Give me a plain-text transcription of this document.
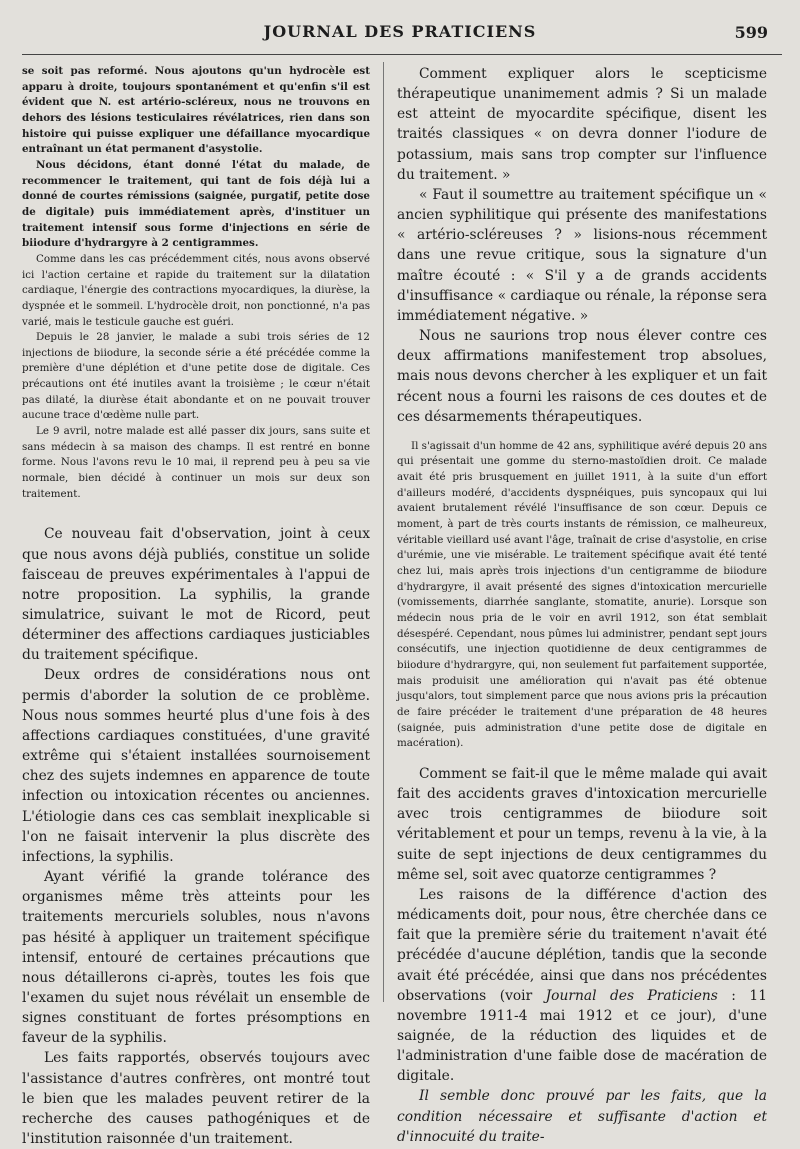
JOURNAL DES PRATICIENS	599

se soit pas reformé. Nous ajoutons qu'un hydrocèle est apparu à droite, toujours spontanément et qu'enfin s'il est évident que N. est artério-scléreux, nous ne trouvons en dehors des lésions testiculaires révélatrices, rien dans son histoire qui puisse expliquer une défaillance myocardique entraînant un état permanent d'asystolie.

Nous décidons, étant donné l'état du malade, de recommencer le traitement, qui tant de fois déjà lui a donné de courtes rémissions (saignée, purgatif, petite dose de digitale) puis immédiatement après, d'instituer un traitement intensif sous forme d'injections en série de biiodure d'hydrargyre à 2 centigrammes.

Comme dans les cas précédemment cités, nous avons observé ici l'action certaine et rapide du traitement sur la dilatation cardiaque, l'énergie des contractions myocardiques, la diurèse, la dyspnée et le sommeil. L'hydrocèle droit, non ponctionné, n'a pas varié, mais le testicule gauche est guéri.

Depuis le 28 janvier, le malade a subi trois séries de 12 injections de biiodure, la seconde série a été précédée comme la première d'une déplétion et d'une petite dose de digitale. Ces précautions ont été inutiles avant la troisième ; le cœur n'était pas dilaté, la diurèse était abondante et on ne pouvait trouver aucune trace d'œdème nulle part.

Le 9 avril, notre malade est allé passer dix jours, sans suite et sans médecin à sa maison des champs. Il est rentré en bonne forme. Nous l'avons revu le 10 mai, il reprend peu à peu sa vie normale, bien décidé à continuer un mois sur deux son traitement.

Ce nouveau fait d'observation, joint à ceux que nous avons déjà publiés, constitue un solide faisceau de preuves expérimentales à l'appui de notre proposition. La syphilis, la grande simulatrice, suivant le mot de Ricord, peut déterminer des affections cardiaques justiciables du traitement spécifique.

Deux ordres de considérations nous ont permis d'aborder la solution de ce problème. Nous nous sommes heurté plus d'une fois à des affections cardiaques constituées, d'une gravité extrême qui s'étaient installées sournoisement chez des sujets indemnes en apparence de toute infection ou intoxication récentes ou anciennes. L'étiologie dans ces cas semblait inexplicable si l'on ne faisait intervenir la plus discrète des infections, la syphilis.

Ayant vérifié la grande tolérance des organismes même très atteints pour les traitements mercuriels solubles, nous n'avons pas hésité à appliquer un traitement spécifique intensif, entouré de certaines précautions que nous détaillerons ci-après, toutes les fois que l'examen du sujet nous révélait un ensemble de signes constituant de fortes présomptions en faveur de la syphilis.

Les faits rapportés, observés toujours avec l'assistance d'autres confrères, ont montré tout le bien que les malades peuvent retirer de la recherche des causes pathogéniques et de l'institution raisonnée d'un traitement.

Comment expliquer alors le scepticisme thérapeutique unanimement admis ? Si un malade est atteint de myocardite spécifique, disent les traités classiques « on devra donner l'iodure de potassium, mais sans trop compter sur l'influence du traitement. »

« Faut il soumettre au traitement spécifique un « ancien syphilitique qui présente des manifestations « artério-scléreuses ? » lisions-nous récemment dans une revue critique, sous la signature d'un maître écouté : « S'il y a de grands accidents d'insuffisance « cardiaque ou rénale, la réponse sera immédiatement négative. »

Nous ne saurions trop nous élever contre ces deux affirmations manifestement trop absolues, mais nous devons chercher à les expliquer et un fait récent nous a fourni les raisons de ces doutes et de ces désarmements thérapeutiques.

Il s'agissait d'un homme de 42 ans, syphilitique avéré depuis 20 ans qui présentait une gomme du sterno-mastoïdien droit. Ce malade avait été pris brusquement en juillet 1911, à la suite d'un effort d'ailleurs modéré, d'accidents dyspnéiques, puis syncopaux qui lui avaient brutalement révélé l'insuffisance de son cœur. Depuis ce moment, à part de très courts instants de rémission, ce malheureux, véritable vieillard usé avant l'âge, traînait de crise d'asystolie, en crise d'urémie, une vie misérable. Le traitement spécifique avait été tenté chez lui, mais après trois injections d'un centigramme de biiodure d'hydrargyre, il avait présenté des signes d'intoxication mercurielle (vomissements, diarrhée sanglante, stomatite, anurie). Lorsque son médecin nous pria de le voir en avril 1912, son état semblait désespéré. Cependant, nous pûmes lui administrer, pendant sept jours consécutifs, une injection quotidienne de deux centigrammes de biiodure d'hydrargyre, qui, non seulement fut parfaitement supportée, mais produisit une amélioration qui n'avait pas été obtenue jusqu'alors, tout simplement parce que nous avions pris la précaution de faire précéder le traitement d'une préparation de 48 heures (saignée, puis administration d'une petite dose de digitale en macération).

Comment se fait-il que le même malade qui avait fait des accidents graves d'intoxication mercurielle avec trois centigrammes de biiodure soit véritablement et pour un temps, revenu à la vie, à la suite de sept injections de deux centigrammes du même sel, soit avec quatorze centigrammes ?

Les raisons de la différence d'action des médicaments doit, pour nous, être cherchée dans ce fait que la première série du traitement n'avait été précédée d'aucune déplétion, tandis que la seconde avait été précédée, ainsi que dans nos précédentes observations (voir Journal des Praticiens : 11 novembre 1911-4 mai 1912 et ce jour), d'une saignée, de la réduction des liquides et de l'administration d'une faible dose de macération de digitale.

Il semble donc prouvé par les faits, que la condition nécessaire et suffisante d'action et d'innocuité du traite-
